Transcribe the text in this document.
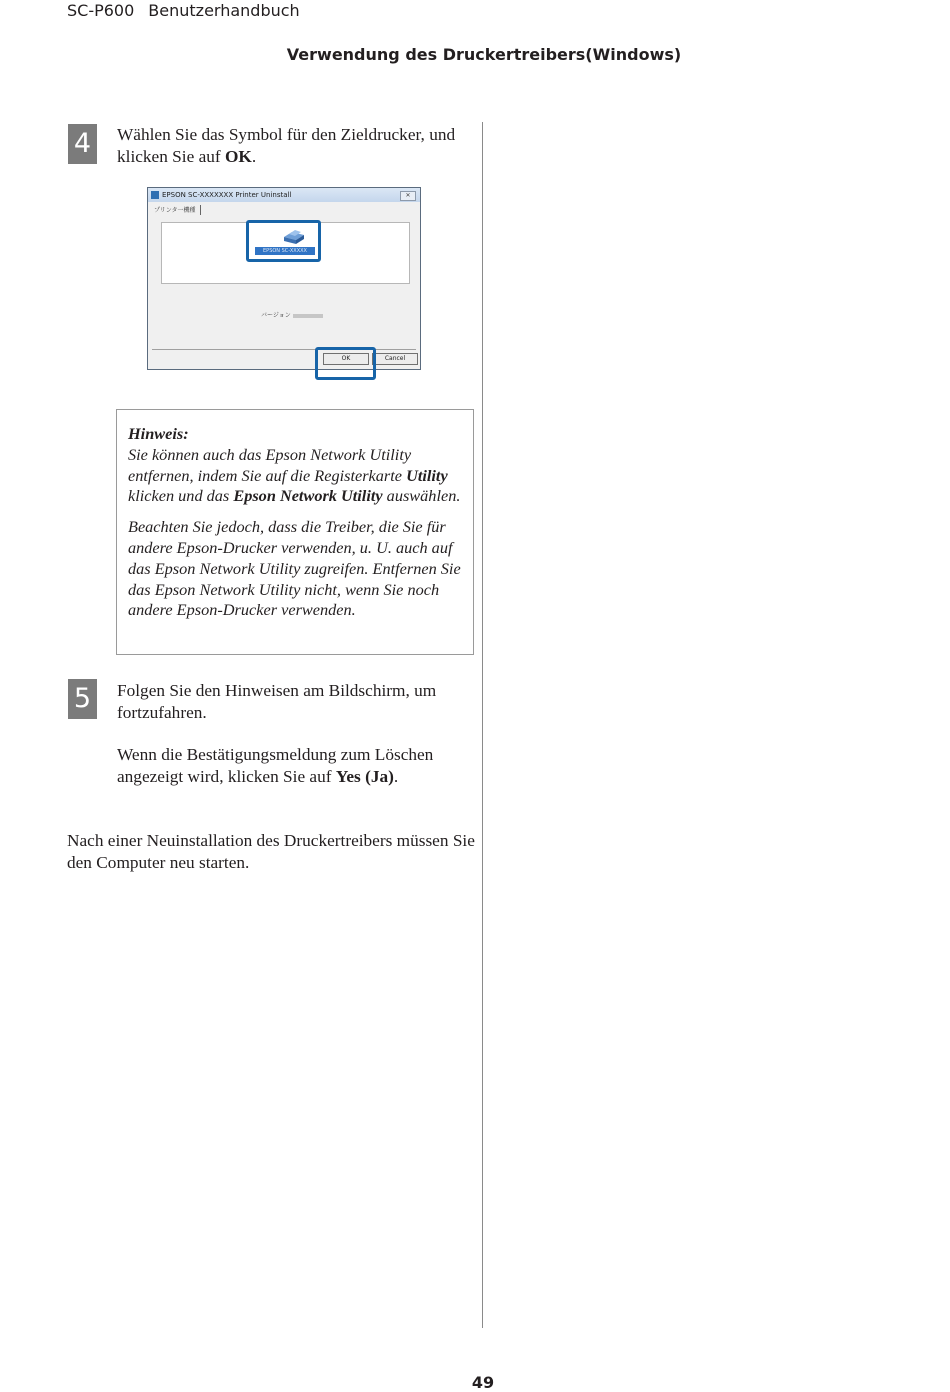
SC-P600 Benutzerhandbuch
Verwendung des Druckertreibers(Windows)
4	Wählen Sie das Symbol für den Zieldrucker, und klicken Sie auf OK.
EPSON SC-XXXXXXX Printer Uninstall	✕
プリンタ一機種
EPSON SC-XXXXX
バージョン
OK	Cancel
Hinweis:

Sie können auch das Epson Network Utility entfernen, indem Sie auf die Registerkarte Utility klicken und das Epson Network Utility auswählen.

Beachten Sie jedoch, dass die Treiber, die Sie für andere Epson-Drucker verwenden, u. U. auch auf das Epson Network Utility zugreifen. Entfernen Sie das Epson Network Utility nicht, wenn Sie noch andere Epson-Drucker verwenden.

5	Folgen Sie den Hinweisen am Bildschirm, um fortzufahren.
Wenn die Bestätigungsmeldung zum Löschen angezeigt wird, klicken Sie auf Yes (Ja).
Nach einer Neuinstallation des Druckertreibers müssen Sie den Computer neu starten.
49
